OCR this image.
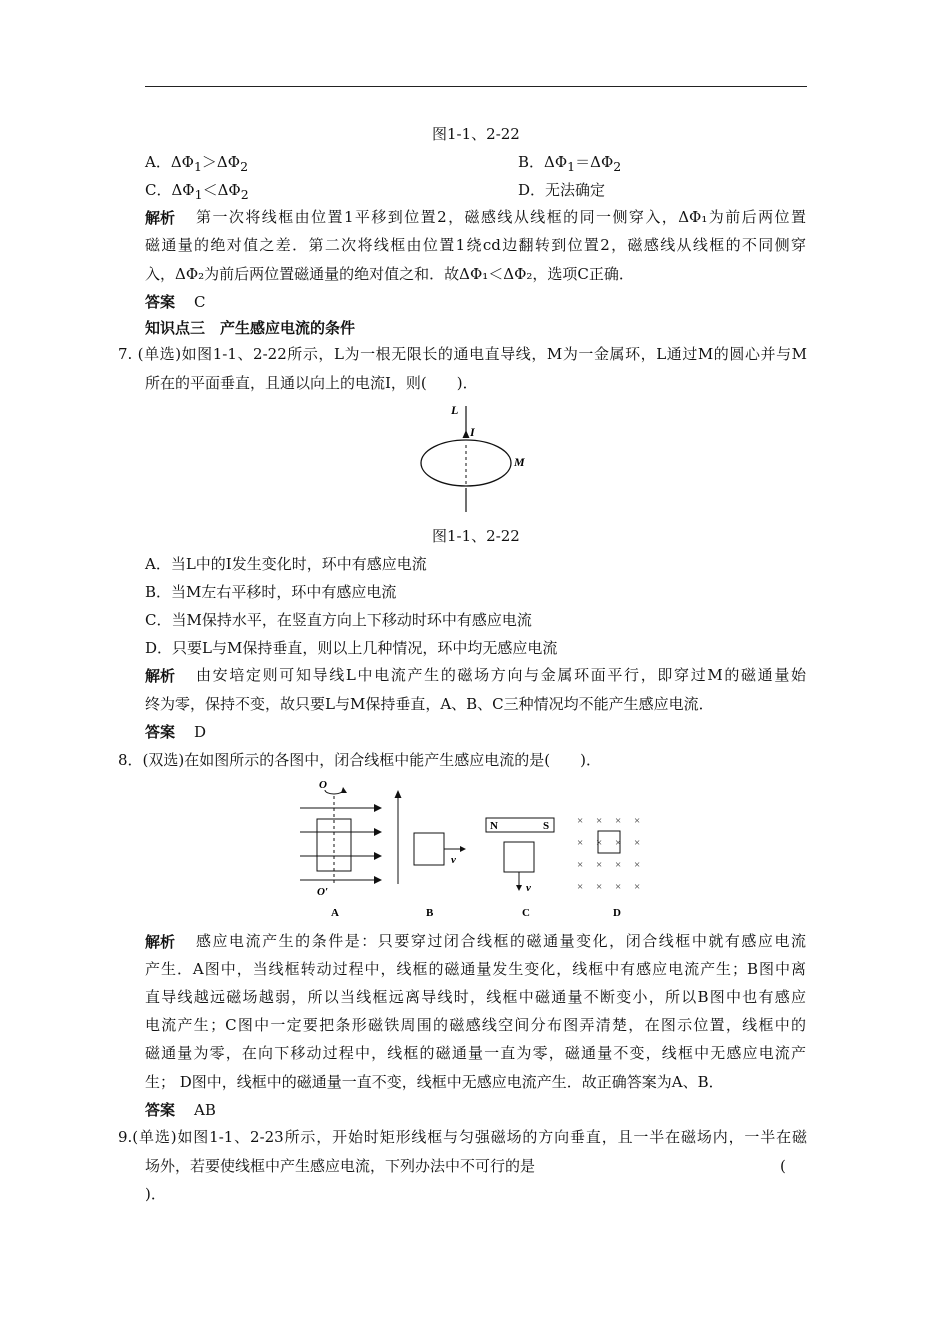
图1-1、2-22
A．$\Delta\Phi_1>\Delta\Phi_2$	B．$\Delta\Phi_1=\Delta\Phi_2$
C．$\Delta\Phi_1<\Delta\Phi_2$	D．无法确定
解析 第一次将线框由位置1平移到位置2，磁感线从线框的同一侧穿入，ΔΦ₁为前后两位置
磁通量的绝对值之差．第二次将线框由位置1绕cd边翻转到位置2，磁感线从线框的不同侧穿
入，ΔΦ₂为前后两位置磁通量的绝对值之和．故ΔΦ₁＜ΔΦ₂，选项C正确．
答案 C
知识点三　产生感应电流的条件
7. (单选)如图1-1、2-22所示，L为一根无限长的通电直导线，M为一金属环，L通过M的圆心并与M
所在的平面垂直，且通以向上的电流I，则(　　)．
L
I
M
图1-1、2-22
A．当L中的I发生变化时，环中有感应电流
B．当M左右平移时，环中有感应电流
C．当M保持水平，在竖直方向上下移动时环中有感应电流
D．只要L与M保持垂直，则以上几种情况，环中均无感应电流
解析 由安培定则可知导线L中电流产生的磁场方向与金属环面平行，即穿过M的磁通量始
终为零，保持不变，故只要L与M保持垂直，A、B、C三种情况均不能产生感应电流．
答案 D
8．(双选)在如图所示的各图中，闭合线框中能产生感应电流的是(　　)．
O
O′
v
N	S
v
× × × ×
× × × ×
× × × ×
× × × ×
A	B	C	D
解析 感应电流产生的条件是：只要穿过闭合线框的磁通量变化，闭合线框中就有感应电流
产生．A图中，当线框转动过程中，线框的磁通量发生变化，线框中有感应电流产生；B图中离
直导线越远磁场越弱，所以当线框远离导线时，线框中磁通量不断变小，所以B图中也有感应
电流产生；C图中一定要把条形磁铁周围的磁感线空间分布图弄清楚，在图示位置，线框中的
磁通量为零，在向下移动过程中，线框的磁通量一直为零，磁通量不变，线框中无感应电流产
生； D图中，线框中的磁通量一直不变，线框中无感应电流产生．故正确答案为A、B．
答案 AB
9.(单选)如图1-1、2-23所示，开始时矩形线框与匀强磁场的方向垂直，且一半在磁场内，一半在磁
场外，若要使线框中产生感应电流，下列办法中不可行的是	(
)．
